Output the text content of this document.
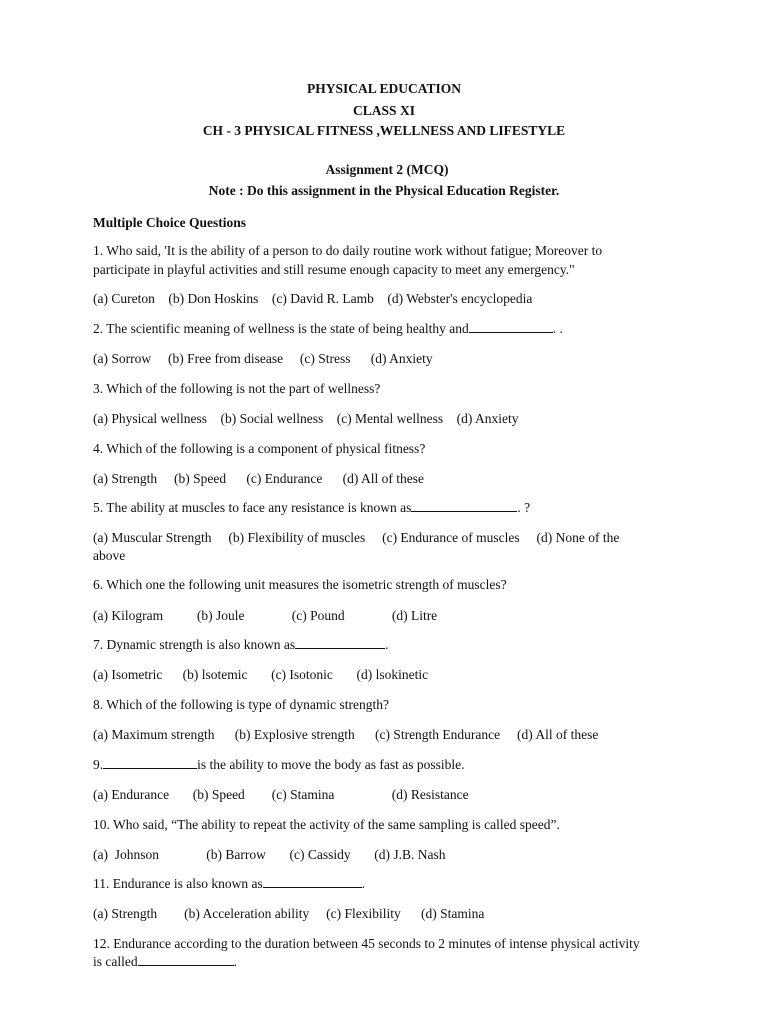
PHYSICAL EDUCATION
CLASS XI
CH - 3 PHYSICAL FITNESS ,WELLNESS AND LIFESTYLE
Assignment 2 (MCQ)
Note : Do this assignment in the Physical Education Register.
Multiple Choice Questions
1. Who said, 'It is the ability of a person to do daily routine work without fatigue; Moreover to
participate in playful activities and still resume enough capacity to meet any emergency."
(a) Cureton    (b) Don Hoskins    (c) David R. Lamb    (d) Webster's encyclopedia
2. The scientific meaning of wellness is the state of being healthy and	. .
(a) Sorrow     (b) Free from disease     (c) Stress      (d) Anxiety
3. Which of the following is not the part of wellness?
(a) Physical wellness    (b) Social wellness    (c) Mental wellness    (d) Anxiety
4. Which of the following is a component of physical fitness?
(a) Strength     (b) Speed      (c) Endurance      (d) All of these
5. The ability at muscles to face any resistance is known as	. ?
(a) Muscular Strength     (b) Flexibility of muscles     (c) Endurance of muscles     (d) None of the
above
6. Which one the following unit measures the isometric strength of muscles?
(a) Kilogram          (b) Joule              (c) Pound              (d) Litre
7. Dynamic strength is also known as	.
(a) Isometric      (b) lsotemic       (c) Isotonic       (d) lsokinetic
8. Which of the following is type of dynamic strength?
(a) Maximum strength      (b) Explosive strength      (c) Strength Endurance     (d) All of these
9.	is the ability to move the body as fast as possible.
(a) Endurance       (b) Speed        (c) Stamina                 (d) Resistance
10. Who said, “The ability to repeat the activity of the same sampling is called speed”.
(a)  Johnson              (b) Barrow       (c) Cassidy       (d) J.B. Nash
11. Endurance is also known as	.
(a) Strength        (b) Acceleration ability     (c) Flexibility      (d) Stamina
12. Endurance according to the duration between 45 seconds to 2 minutes of intense physical activity
is called	.
